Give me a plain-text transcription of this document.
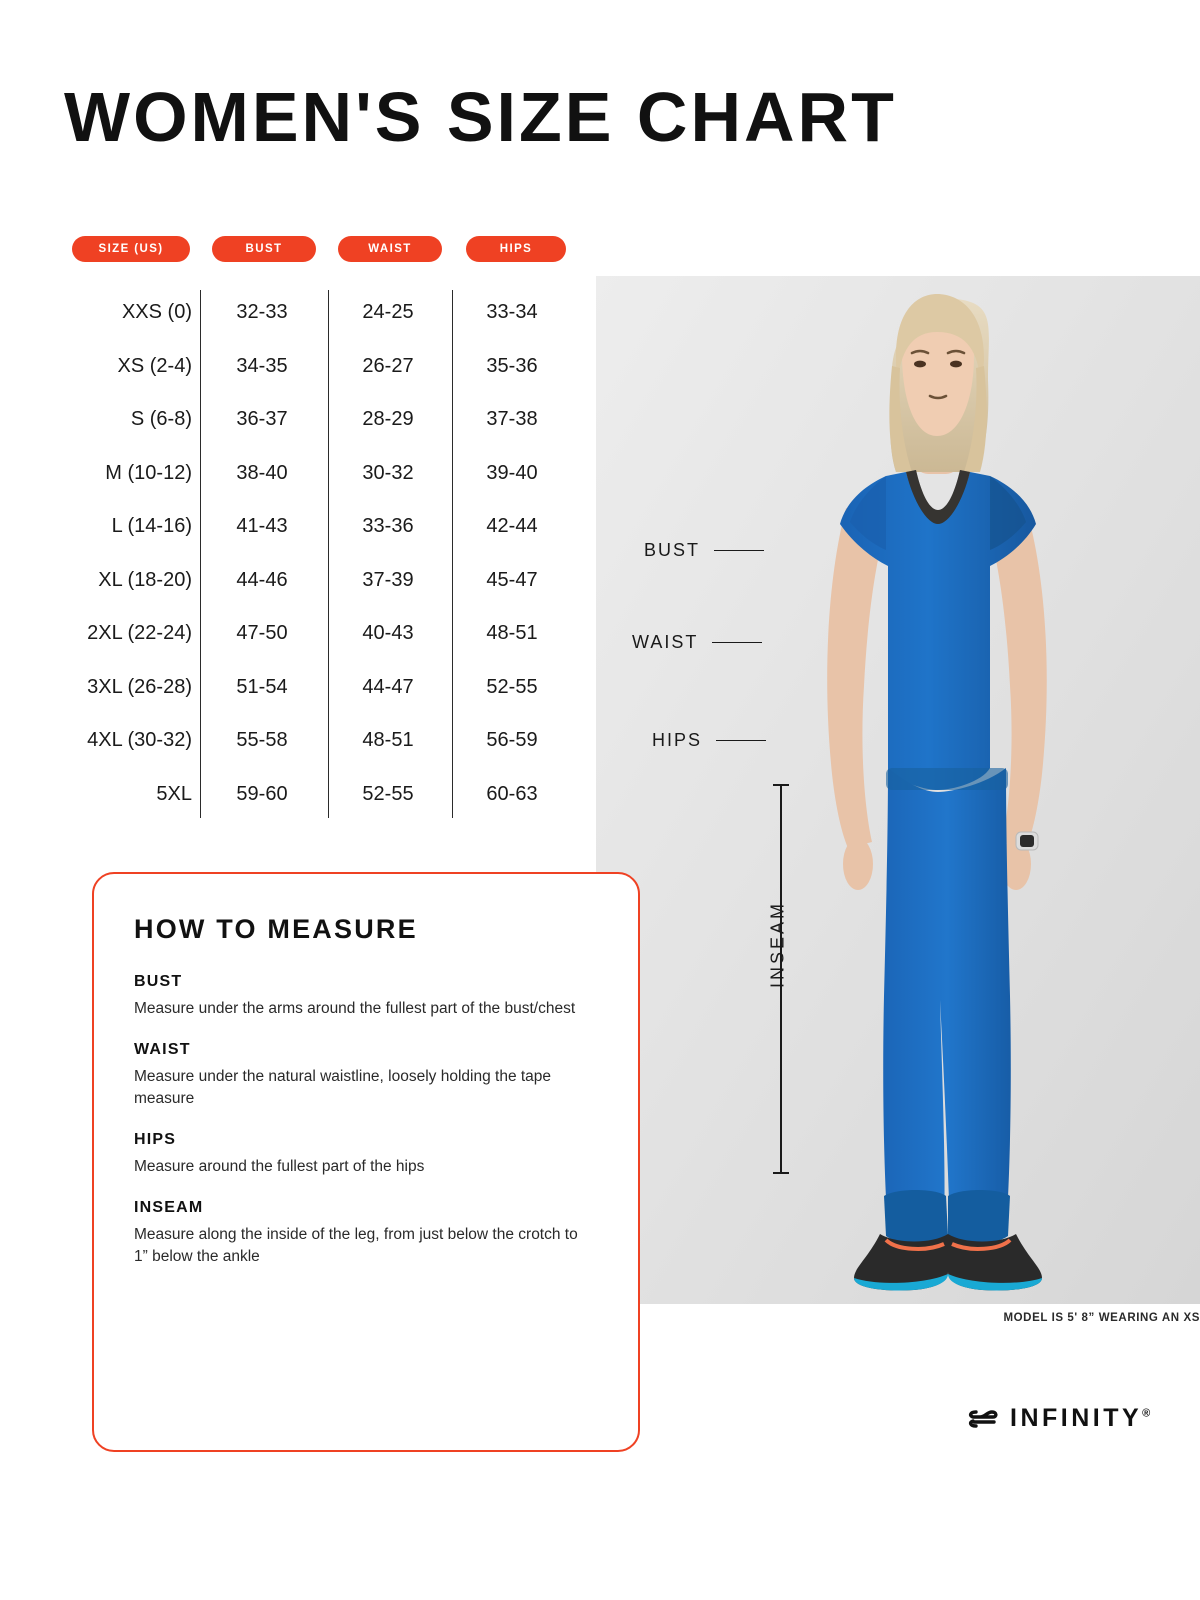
WOMEN'S SIZE CHART
SIZE (US)	BUST	WAIST	HIPS
XXS (0)	32-33	24-25	33-34
XS (2-4)	34-35	26-27	35-36
S (6-8)	36-37	28-29	37-38
M (10-12)	38-40	30-32	39-40
L (14-16)	41-43	33-36	42-44
XL (18-20)	44-46	37-39	45-47
2XL (22-24)	47-50	40-43	48-51
3XL (26-28)	51-54	44-47	52-55
4XL (30-32)	55-58	48-51	56-59
5XL	59-60	52-55	60-63
BUST
WAIST
HIPS
INSEAM
MODEL IS 5' 8” WEARING AN XS
HOW TO MEASURE
BUST
Measure under the arms around the fullest part of the bust/chest
WAIST
Measure under the natural waistline, loosely holding the tape measure
HIPS
Measure around the fullest part of the hips
INSEAM
Measure along the inside of the leg, from just below the crotch to 1” below the ankle
INFINITY®
